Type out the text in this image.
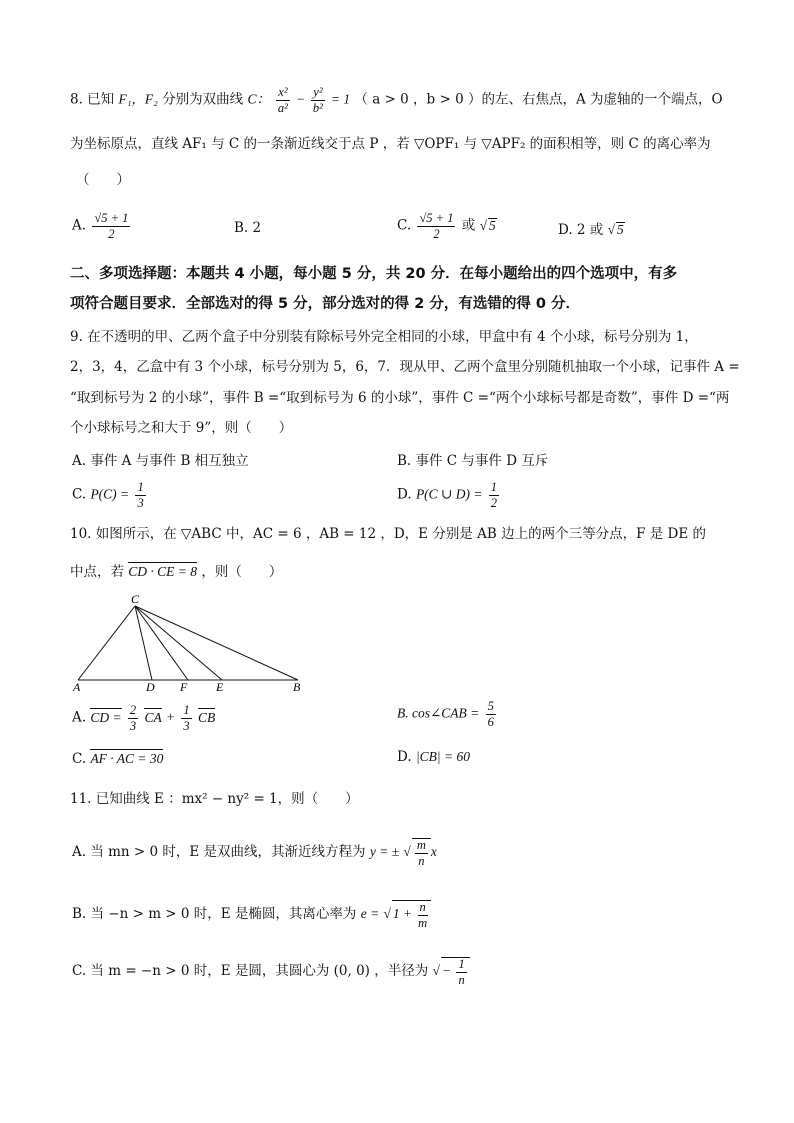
8. 已知 F₁，F₂ 分别为双曲线 C： $\frac{\text{x²}}{\text{a²}} - \frac{\text{y²}}{\text{b²}} = 1$ （ a > 0 ，b > 0 ）的左、右焦点，A 为虚轴的一个端点，O
为坐标原点，直线 AF₁ 与 C 的一条渐近线交于点 P ，若 ▽OPF₁ 与 ▽APF₂ 的面积相等，则 C 的离心率为
（　　）
A. $\frac{√5 + 1}{2}$	B. 2	C. $\frac{√5 + 1}{2}$ 或 √ 5	D. 2 或 √ 5
二、多项选择题：本题共 4 小题，每小题 5 分，共 20 分．在每小题给出的四个选项中，有多
项符合题目要求．全部选对的得 5 分，部分选对的得 2 分，有选错的得 0 分．
9. 在不透明的甲、乙两个盒子中分别装有除标号外完全相同的小球，甲盒中有 4 个小球，标号分别为 1，
2，3，4，乙盒中有 3 个小球，标号分别为 5，6，7．现从甲、乙两个盒里分别随机抽取一个小球，记事件 A =
“取到标号为 2 的小球”，事件 B =“取到标号为 6 的小球”，事件 C =“两个小球标号都是奇数”，事件 D =“两
个小球标号之和大于 9”，则（　　）
A. 事件 A 与事件 B 相互独立	B. 事件 C 与事件 D 互斥
C. $P(C) = \frac{1}{3}$	D. P(C ∪ $D) = \frac{1}{2}$
10. 如图所示，在 ▽ABC 中，AC = 6 ，AB = 12 ，D，E 分别是 AB 边上的两个三等分点，F 是 DE 的
中点，若 CD · CE = 8 ，则（　　）
C
A	D F E	B
A. CD = $\frac{2}{3}$ CA + $\frac{1}{3}$ CB	B. cos∠CAB = $\frac{5}{6}$
C. AF · AC = 30	D. |CB| = 60
11. 已知曲线 E ：mx² − ny² = 1，则（　　）
A. 当 mn > 0 时，E 是双曲线，其渐近线方程为 y = ± √ $\frac{m}{n}$ x
B. 当 −n > m > 0 时，E 是椭圆，其离心率为 e = √ $1 + \frac{n}{m}$
C. 当 m = −n > 0 时，E 是圆，其圆心为 (0, 0) ，半径为 √ − $\frac{1}{n}$
